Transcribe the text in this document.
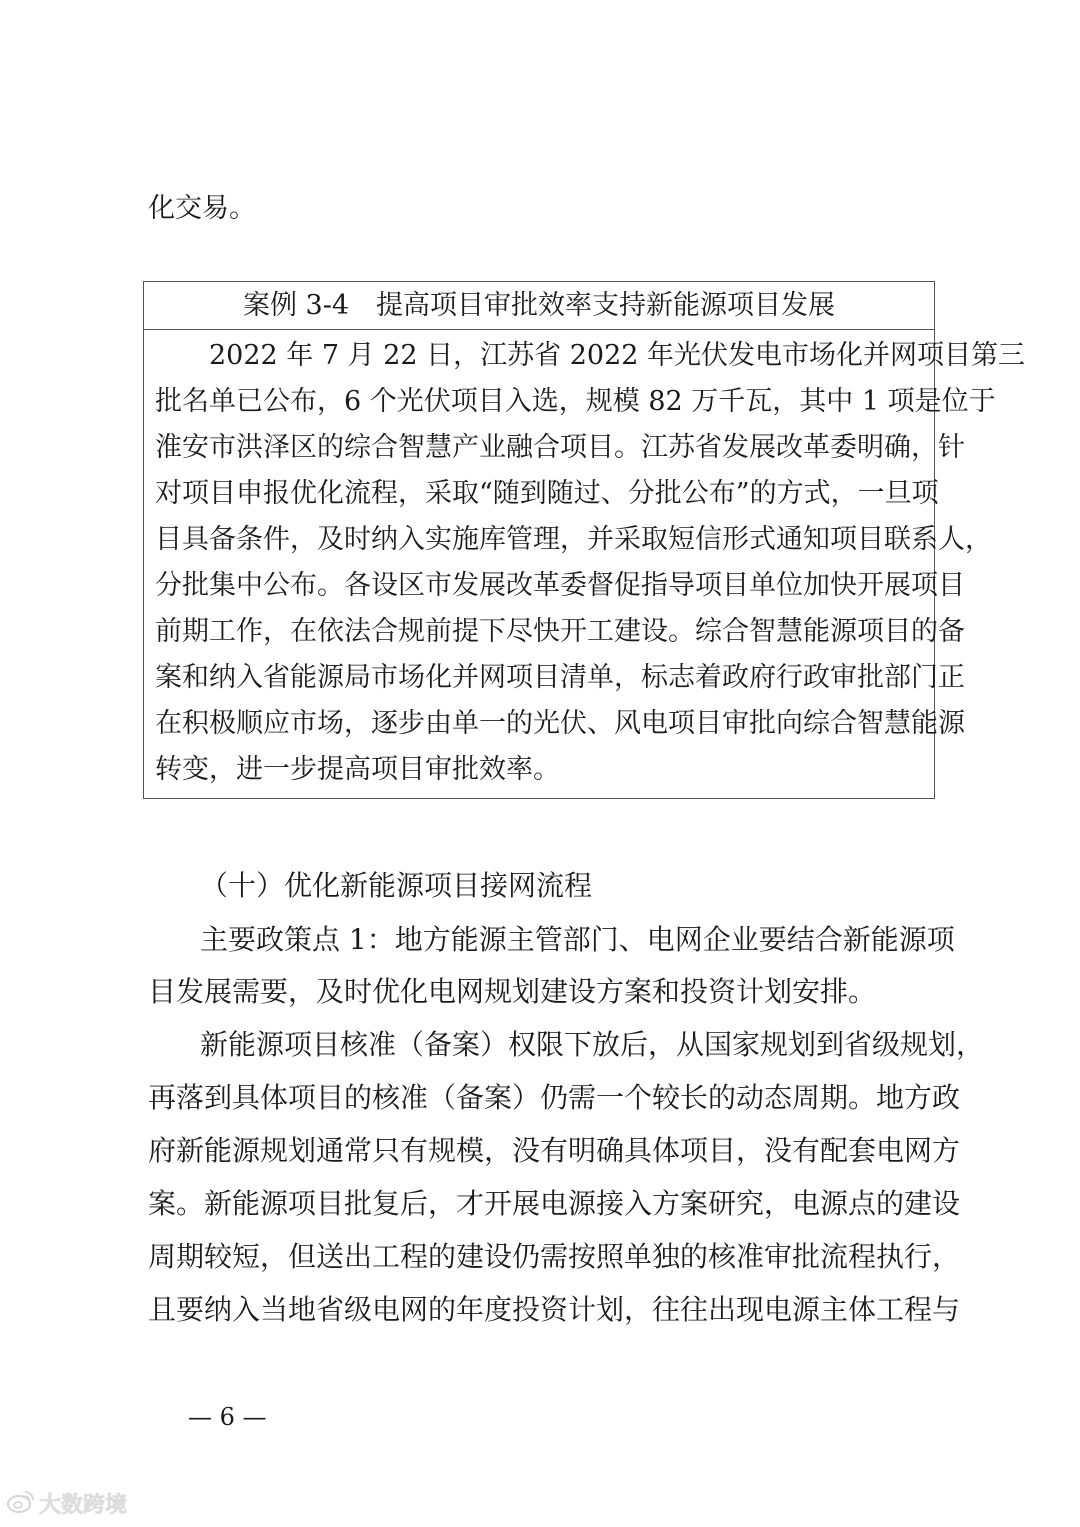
化交易。
案例 3-4　提高项目审批效率支持新能源项目发展
　　2022 年 7 月 22 日，江苏省 2022 年光伏发电市场化并网项目第三
批名单已公布，6 个光伏项目入选，规模 82 万千瓦，其中 1 项是位于
淮安市洪泽区的综合智慧产业融合项目。江苏省发展改革委明确，针
对项目申报优化流程，采取“随到随过、分批公布”的方式，一旦项
目具备条件，及时纳入实施库管理，并采取短信形式通知项目联系人，
分批集中公布。各设区市发展改革委督促指导项目单位加快开展项目
前期工作，在依法合规前提下尽快开工建设。综合智慧能源项目的备
案和纳入省能源局市场化并网项目清单，标志着政府行政审批部门正
在积极顺应市场，逐步由单一的光伏、风电项目审批向综合智慧能源
转变，进一步提高项目审批效率。
（十）优化新能源项目接网流程
主要政策点 1：地方能源主管部门、电网企业要结合新能源项
目发展需要，及时优化电网规划建设方案和投资计划安排。
新能源项目核准（备案）权限下放后，从国家规划到省级规划，
再落到具体项目的核准（备案）仍需一个较长的动态周期。地方政
府新能源规划通常只有规模，没有明确具体项目，没有配套电网方
案。新能源项目批复后，才开展电源接入方案研究，电源点的建设
周期较短，但送出工程的建设仍需按照单独的核准审批流程执行，
且要纳入当地省级电网的年度投资计划，往往出现电源主体工程与
— 6 —
大数跨境
